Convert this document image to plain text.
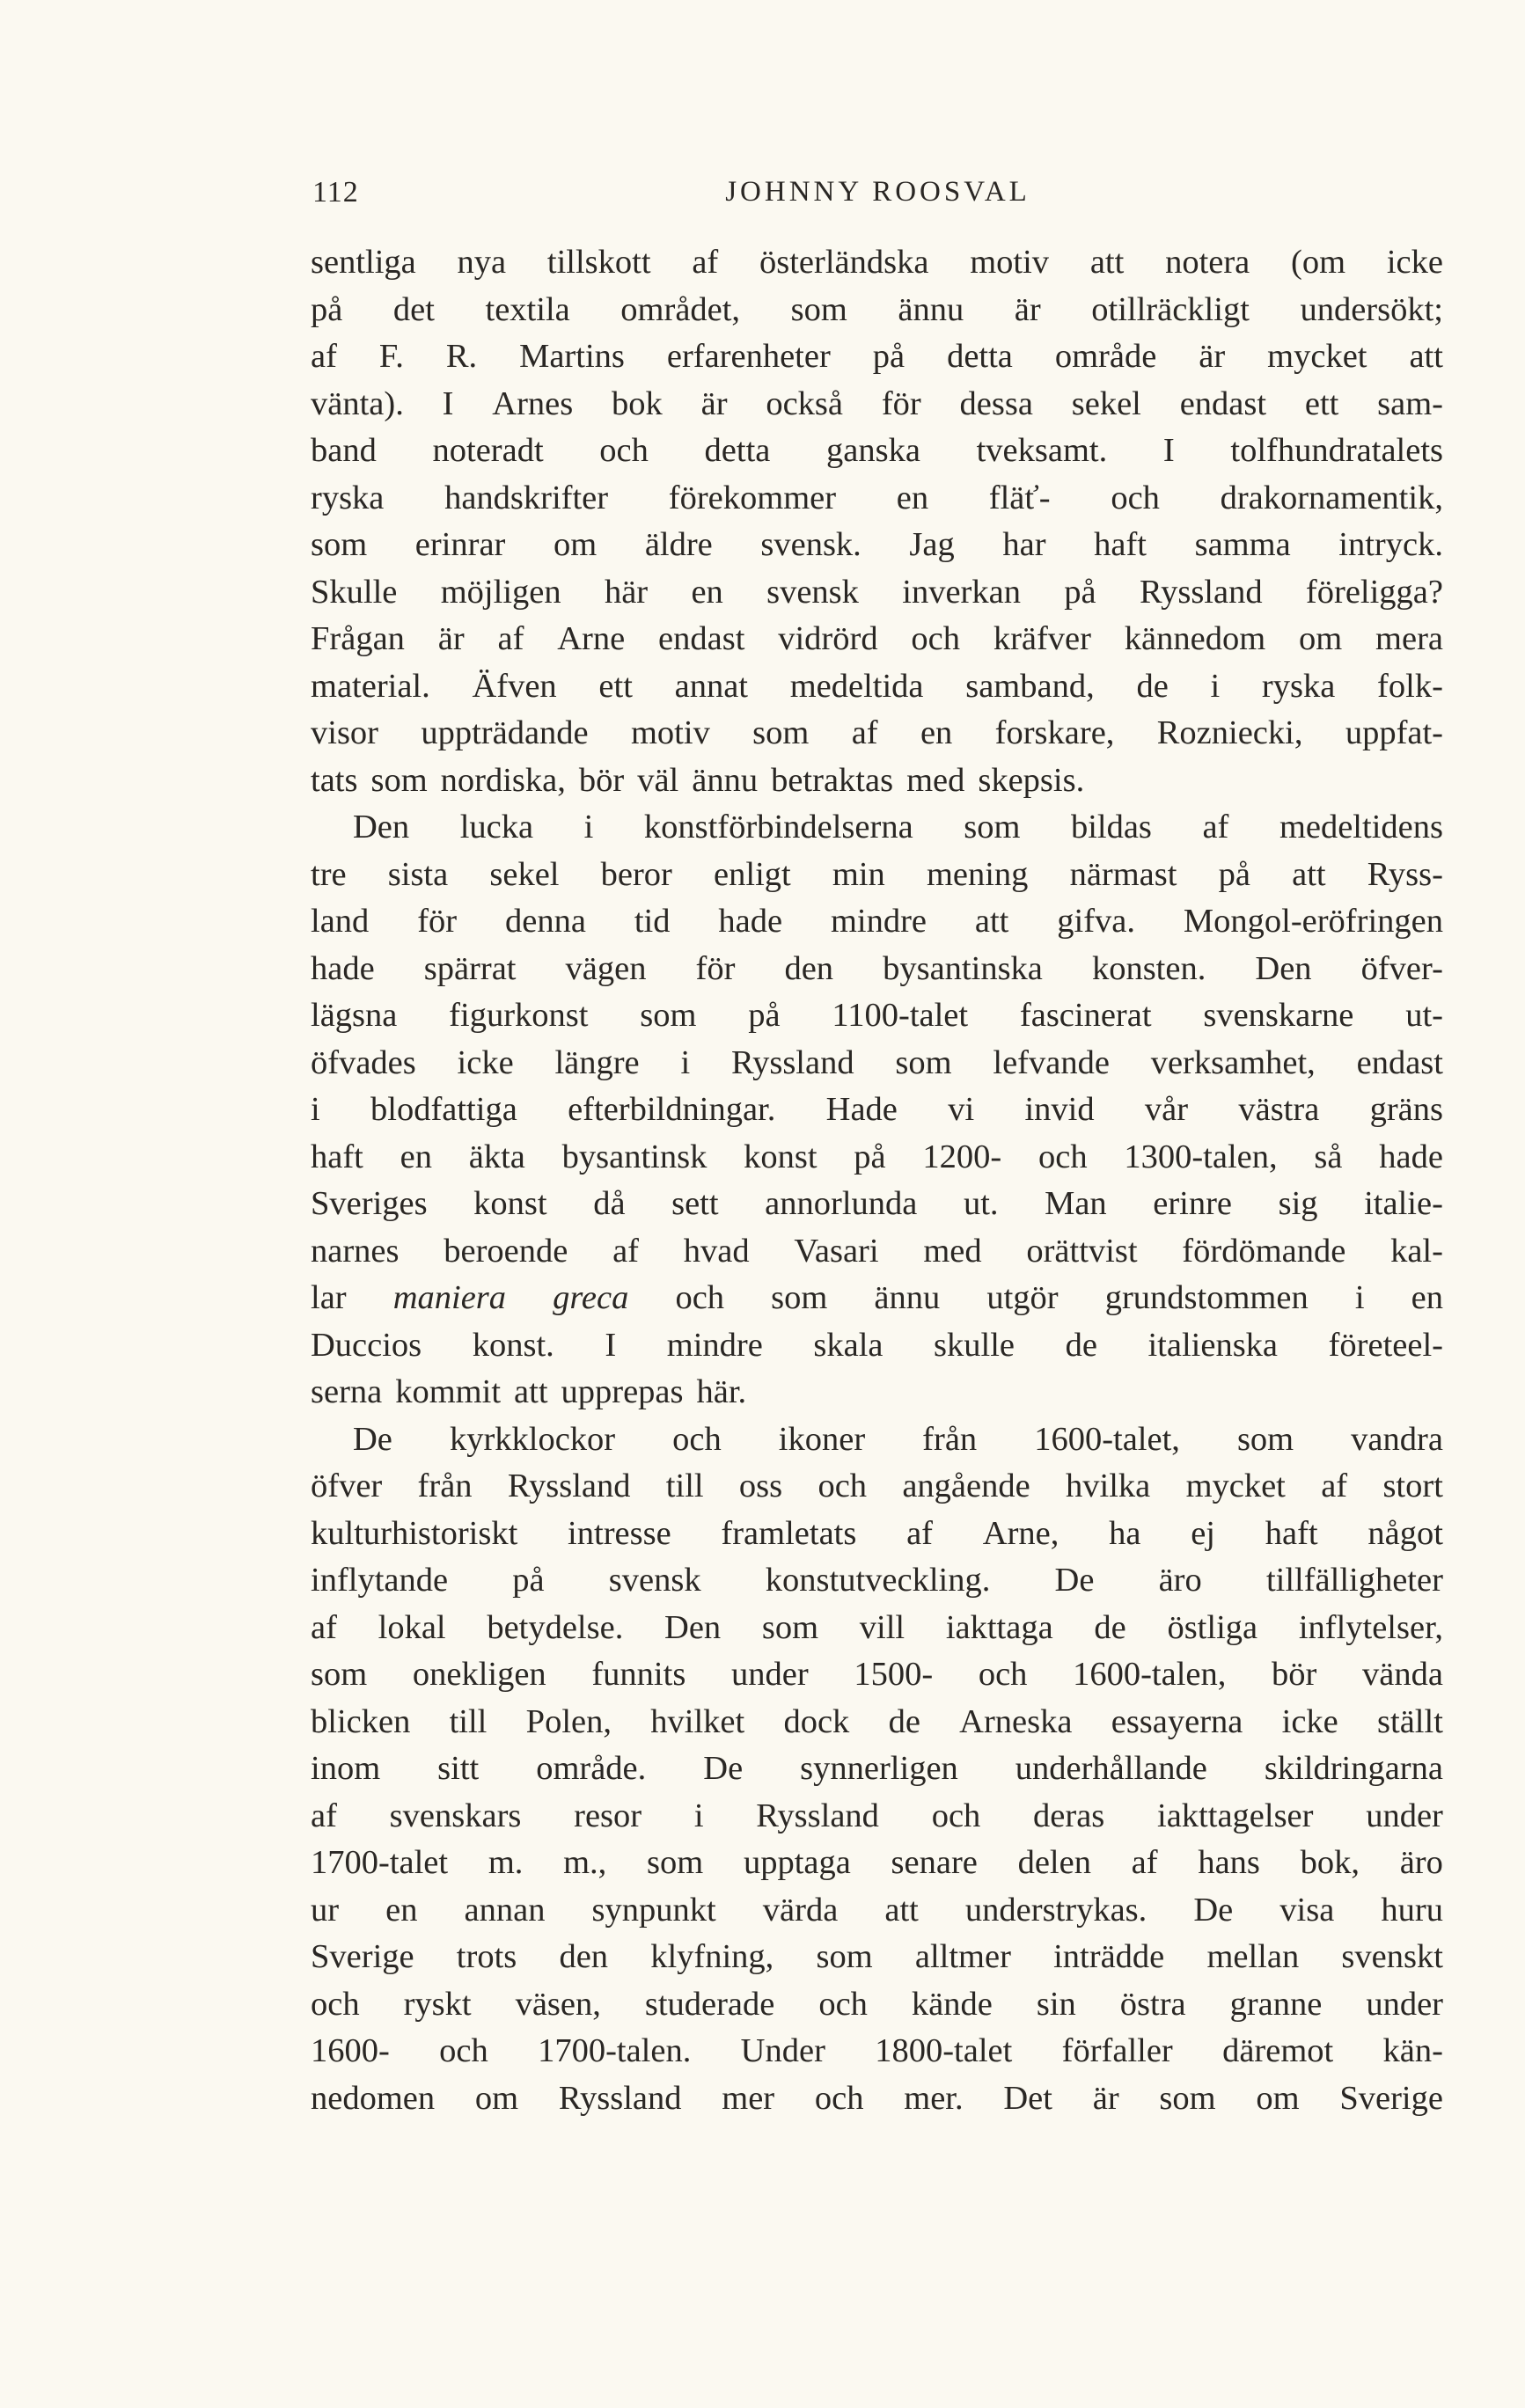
112	JOHNNY ROOSVAL
sentliga nya tillskott af österländska motiv att notera (om icke
på det textila området, som ännu är otillräckligt undersökt;
af F. R. Martins erfarenheter på detta område är mycket att
vänta). I Arnes bok är också för dessa sekel endast ett sam-
band noteradt och detta ganska tveksamt. I tolfhundratalets
ryska handskrifter förekommer en fläť- och drakornamentik,
som erinrar om äldre svensk. Jag har haft samma intryck.
Skulle möjligen här en svensk inverkan på Ryssland föreligga?
Frågan är af Arne endast vidrörd och kräfver kännedom om mera
material. Äfven ett annat medeltida samband, de i ryska folk-
visor uppträdande motiv som af en forskare, Rozniecki, uppfat-
tats som nordiska, bör väl ännu betraktas med skepsis.
Den lucka i konstförbindelserna som bildas af medeltidens
tre sista sekel beror enligt min mening närmast på att Ryss-
land för denna tid hade mindre att gifva. Mongol-eröfringen
hade spärrat vägen för den bysantinska konsten. Den öfver-
lägsna figurkonst som på 1100-talet fascinerat svenskarne ut-
öfvades icke längre i Ryssland som lefvande verksamhet, endast
i blodfattiga efterbildningar. Hade vi invid vår västra gräns
haft en äkta bysantinsk konst på 1200- och 1300-talen, så hade
Sveriges konst då sett annorlunda ut. Man erinre sig italie-
narnes beroende af hvad Vasari med orättvist fördömande kal-
lar maniera greca och som ännu utgör grundstommen i en
Duccios konst. I mindre skala skulle de italienska företeel-
serna kommit att upprepas här.
De kyrkklockor och ikoner från 1600-talet, som vandra
öfver från Ryssland till oss och angående hvilka mycket af stort
kulturhistoriskt intresse framletats af Arne, ha ej haft något
inflytande på svensk konstutveckling. De äro tillfälligheter
af lokal betydelse. Den som vill iakttaga de östliga inflytelser,
som onekligen funnits under 1500- och 1600-talen, bör vända
blicken till Polen, hvilket dock de Arneska essayerna icke ställt
inom sitt område. De synnerligen underhållande skildringarna
af svenskars resor i Ryssland och deras iakttagelser under
1700-talet m. m., som upptaga senare delen af hans bok, äro
ur en annan synpunkt värda att understrykas. De visa huru
Sverige trots den klyfning, som alltmer inträdde mellan svenskt
och ryskt väsen, studerade och kände sin östra granne under
1600- och 1700-talen. Under 1800-talet förfaller däremot kän-
nedomen om Ryssland mer och mer. Det är som om Sverige
